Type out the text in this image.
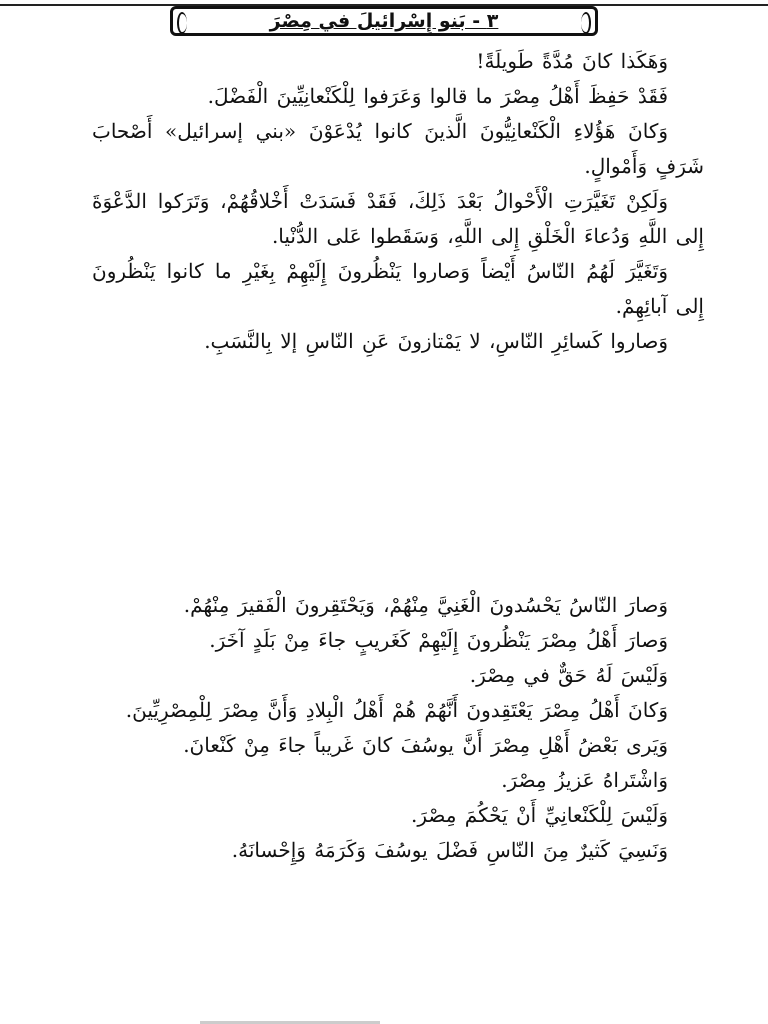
٣ - بَنو إِسْرائيلَ في مِصْرَ

وَهَكَذا كانَ مُدَّةً طَويلَةً!

فَقَدْ حَفِظَ أَهْلُ مِصْرَ ما قالوا وَعَرَفوا لِلْكَنْعانِيِّينَ الْفَضْلَ.

وَكانَ هَؤُلاءِ الْكَنْعانِيُّونَ الَّذينَ كانوا يُدْعَوْنَ «بني إسرائيل» أَصْحابَ شَرَفٍ وَأَمْوالٍ.

وَلَكِنْ تَغَيَّرَتِ الْأَحْوالُ بَعْدَ ذَلِكَ، فَقَدْ فَسَدَتْ أَخْلاقُهُمْ، وَتَرَكوا الدَّعْوَةَ إِلى اللَّهِ وَدُعاءَ الْخَلْقِ إِلى اللَّهِ، وَسَقَطوا عَلى الدُّنْيا.

وَتَغَيَّرَ لَهُمُ النّاسُ أَيْضاً وَصاروا يَنْظُرونَ إِلَيْهِمْ بِغَيْرِ ما كانوا يَنْظُرونَ إِلى آبائِهِمْ.

وَصاروا كَسائِرِ النّاسِ، لا يَمْتازونَ عَنِ النّاسِ إلا بِالنَّسَبِ.

وَصارَ النّاسُ يَحْسُدونَ الْغَنِيَّ مِنْهُمْ، وَيَحْتَقِرونَ الْفَقيرَ مِنْهُمْ.

وَصارَ أَهْلُ مِصْرَ يَنْظُرونَ إِلَيْهِمْ كَغَريبٍ جاءَ مِنْ بَلَدٍ آخَرَ.

وَلَيْسَ لَهُ حَقٌّ في مِصْرَ.

وَكانَ أَهْلُ مِصْرَ يَعْتَقِدونَ أَنَّهُمْ هُمْ أَهْلُ الْبِلادِ وَأَنَّ مِصْرَ لِلْمِصْرِيِّينَ.

وَيَرى بَعْضُ أَهْلِ مِصْرَ أَنَّ يوسُفَ كانَ غَريباً جاءَ مِنْ كَنْعانَ.

وَاشْتَراهُ عَزيزُ مِصْرَ.

وَلَيْسَ لِلْكَنْعانِيِّ أَنْ يَحْكُمَ مِصْرَ.

وَنَسِيَ كَثيرٌ مِنَ النّاسِ فَضْلَ يوسُفَ وَكَرَمَهُ وَإِحْسانَهُ.
